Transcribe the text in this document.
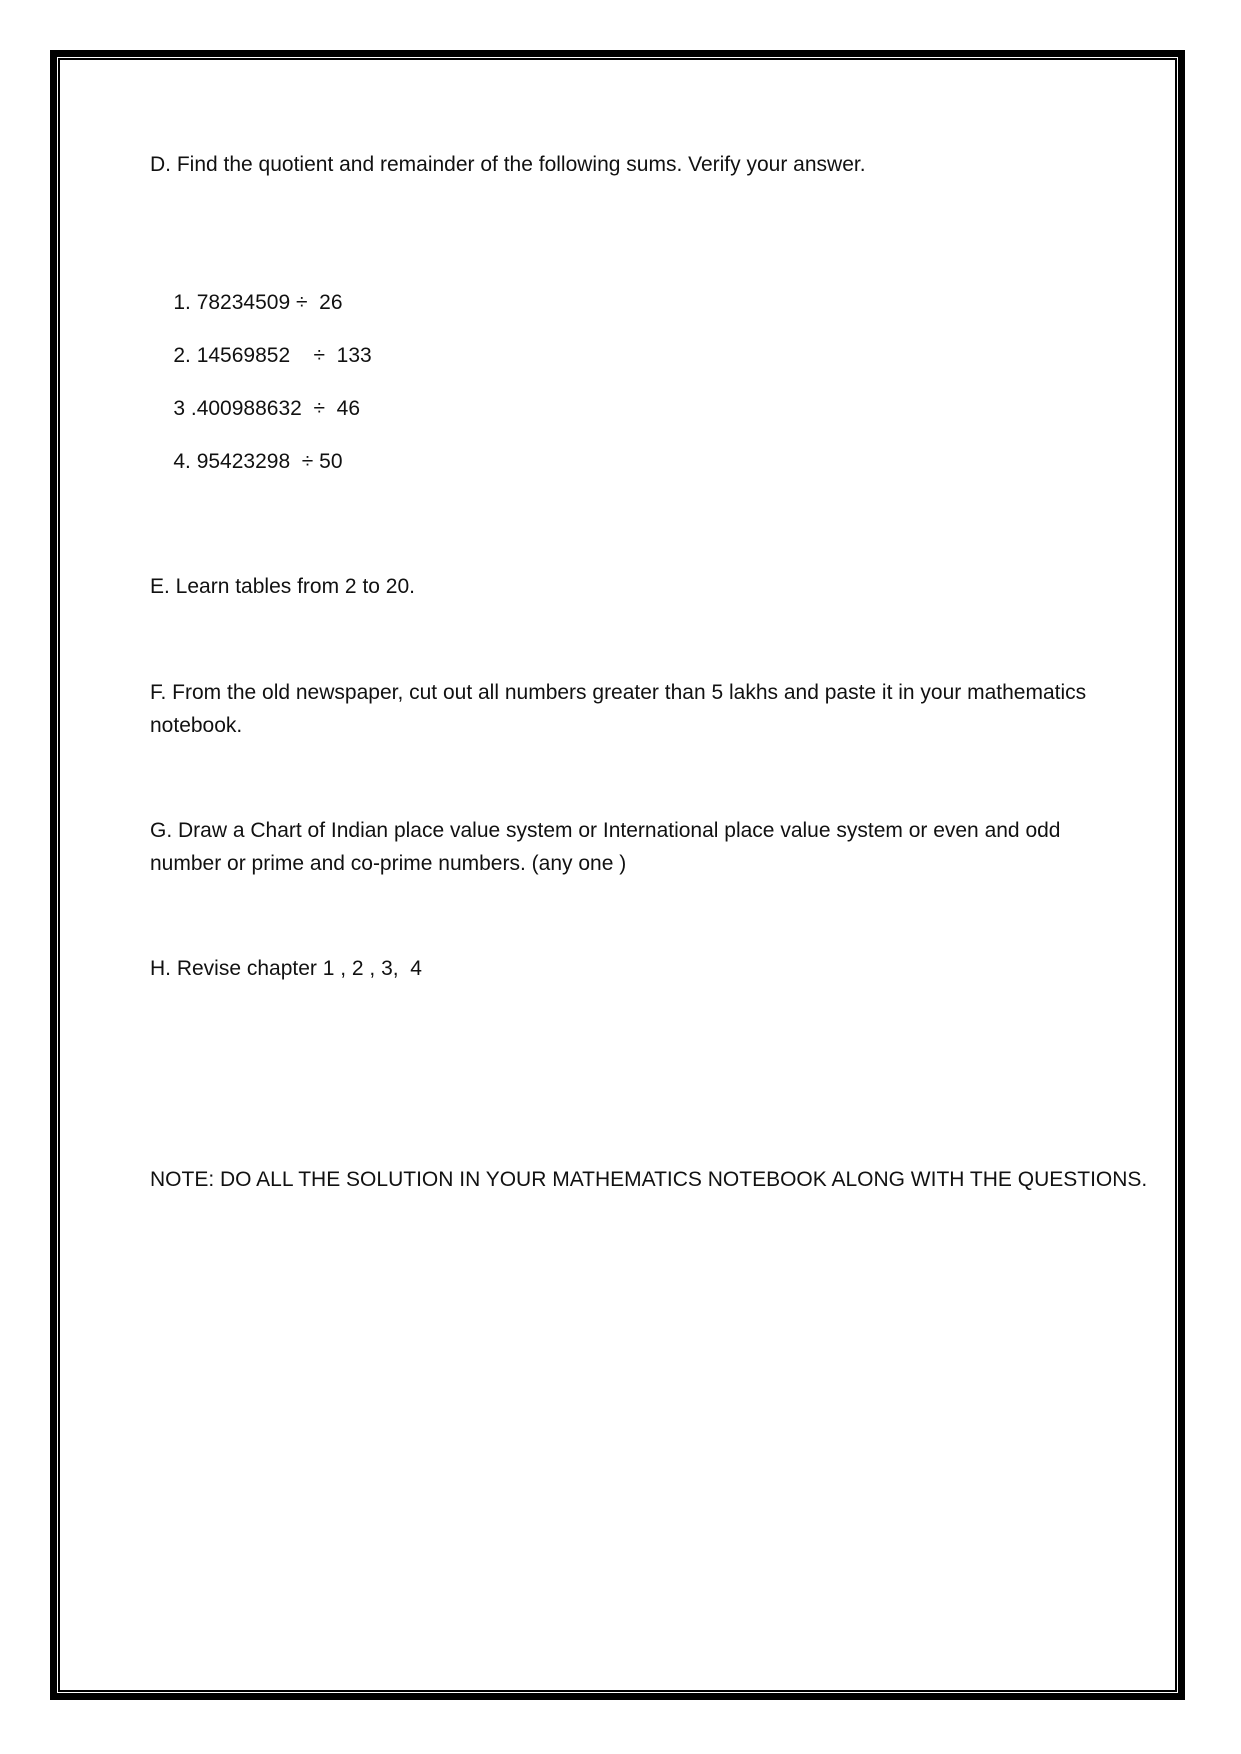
D. Find the quotient and remainder of the following sums. Verify your answer.

1. 78234509 ÷  26

2. 14569852    ÷  133

3 .400988632  ÷  46

4. 95423298  ÷ 50

E. Learn tables from 2 to 20.
F. From the old newspaper, cut out all numbers greater than 5 lakhs and paste it in your mathematics notebook.
G. Draw a Chart of Indian place value system or International place value system or even and odd number or prime and co-prime numbers. (any one )
H. Revise chapter 1 , 2 , 3,  4
NOTE: DO ALL THE SOLUTION IN YOUR MATHEMATICS NOTEBOOK ALONG WITH THE QUESTIONS.
